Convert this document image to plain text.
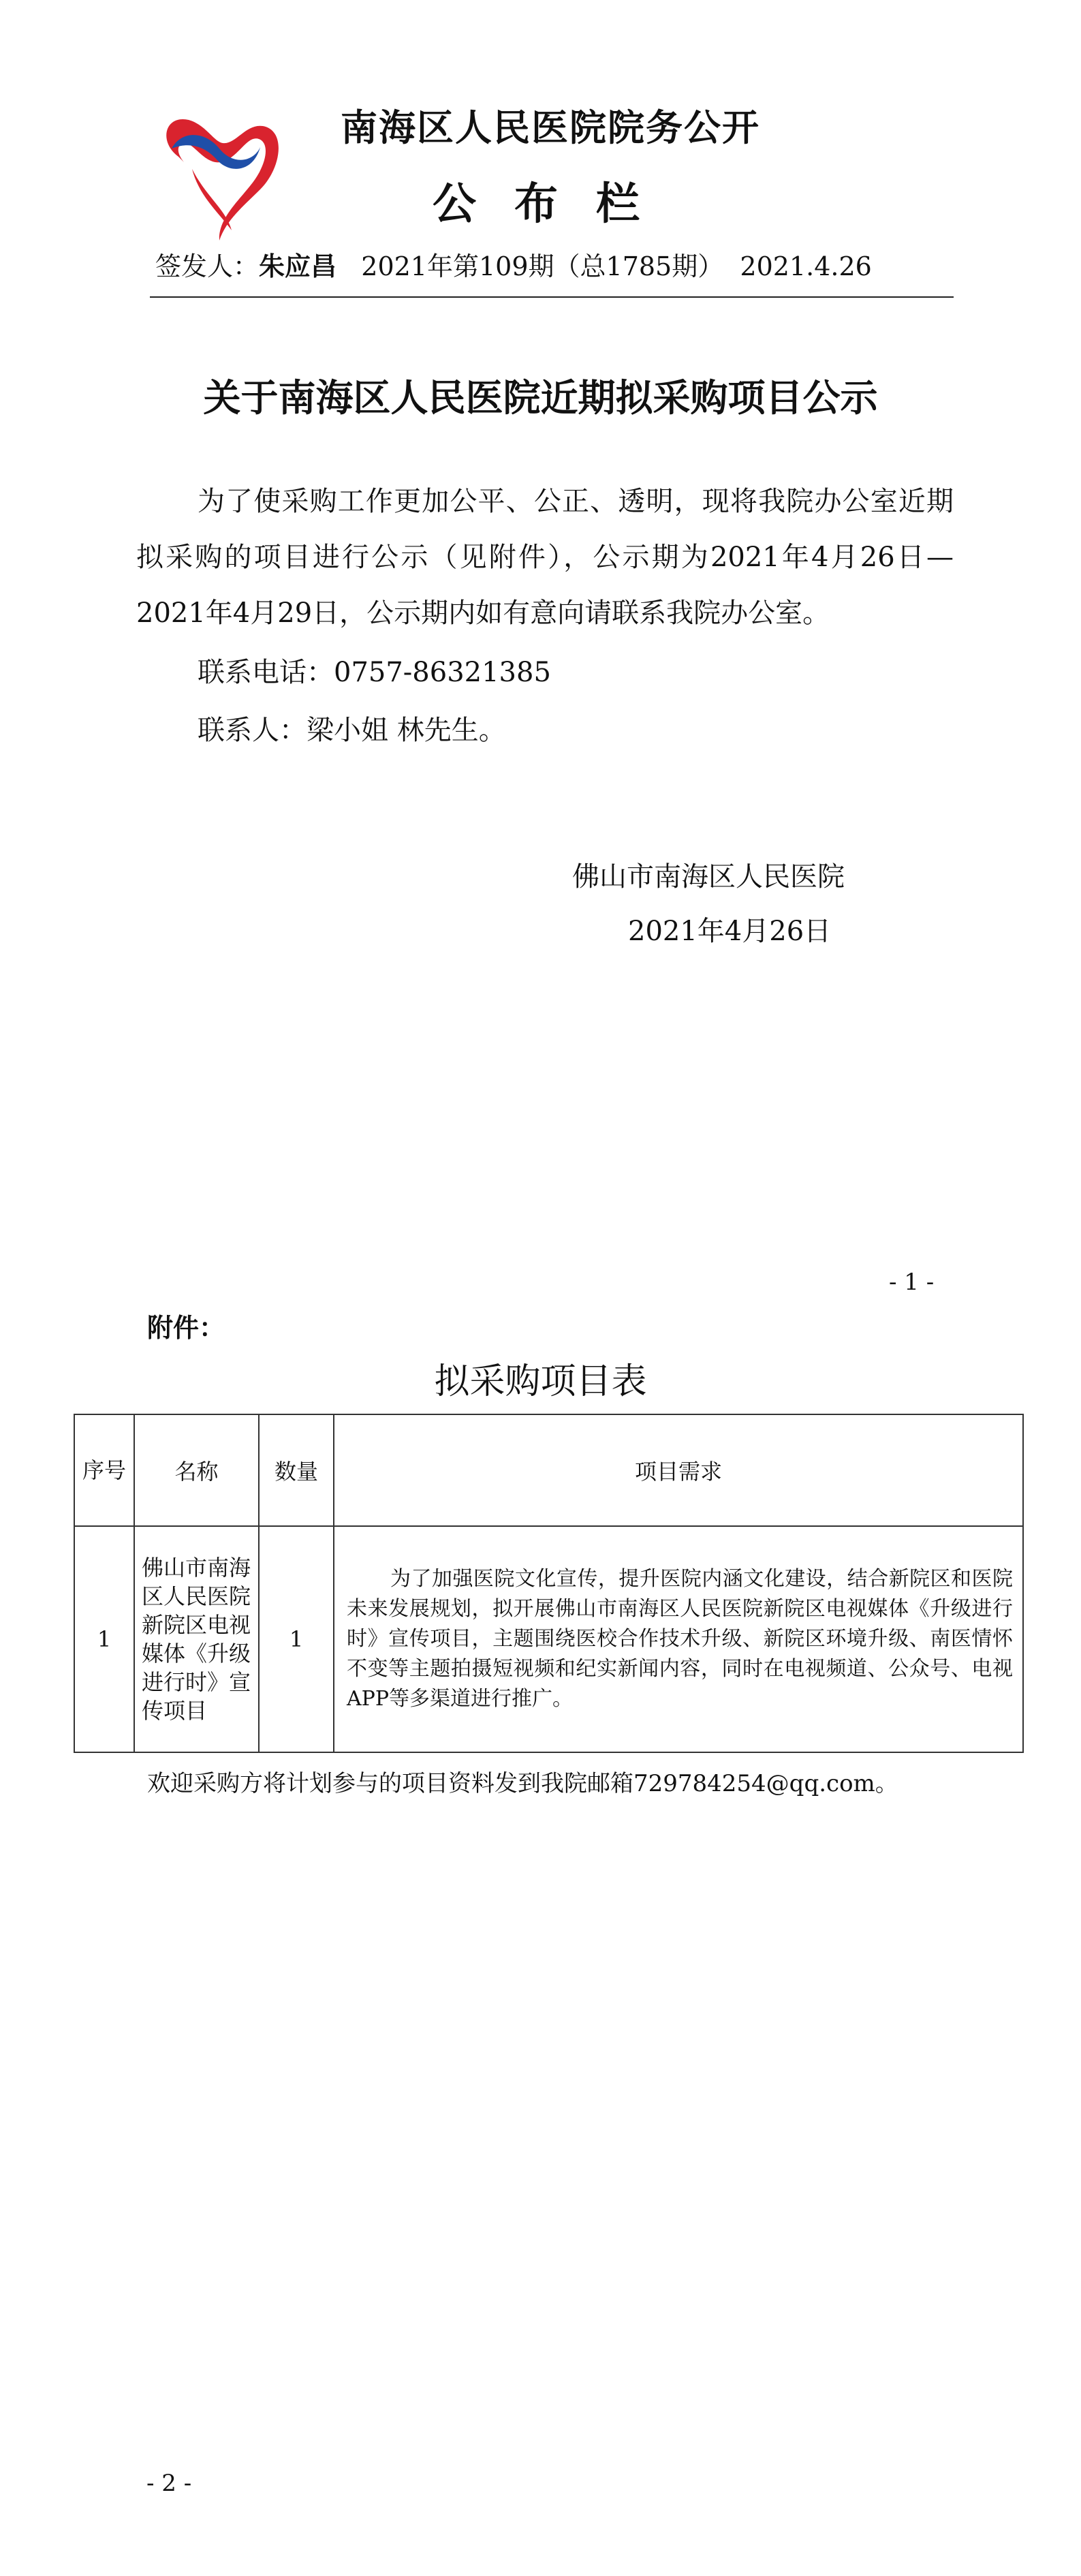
南海区人民医院院务公开
公布栏
签发人：朱应昌 2021年第109期（总1785期） 2021.4.26
关于南海区人民医院近期拟采购项目公示

为了使采购工作更加公平、公正、透明，现将我院办公室近期拟采购的项目进行公示（见附件），公示期为2021年4月26日—2021年4月29日，公示期内如有意向请联系我院办公室。

联系电话：0757-86321385
联系人：梁小姐 林先生。
佛山市南海区人民医院
2021年4月26日
- 1 -
附件：
拟采购项目表
序号	名称	数量	项目需求
1	佛山市南海区人民医院新院区电视媒体《升级进行时》宣传项目	1	为了加强医院文化宣传，提升医院内涵文化建设，结合新院区和医院未来发展规划，拟开展佛山市南海区人民医院新院区电视媒体《升级进行时》宣传项目，主题围绕医校合作技术升级、新院区环境升级、南医情怀不变等主题拍摄短视频和纪实新闻内容，同时在电视频道、公众号、电视APP等多渠道进行推广。
欢迎采购方将计划参与的项目资料发到我院邮箱729784254@qq.com。
- 2 -
